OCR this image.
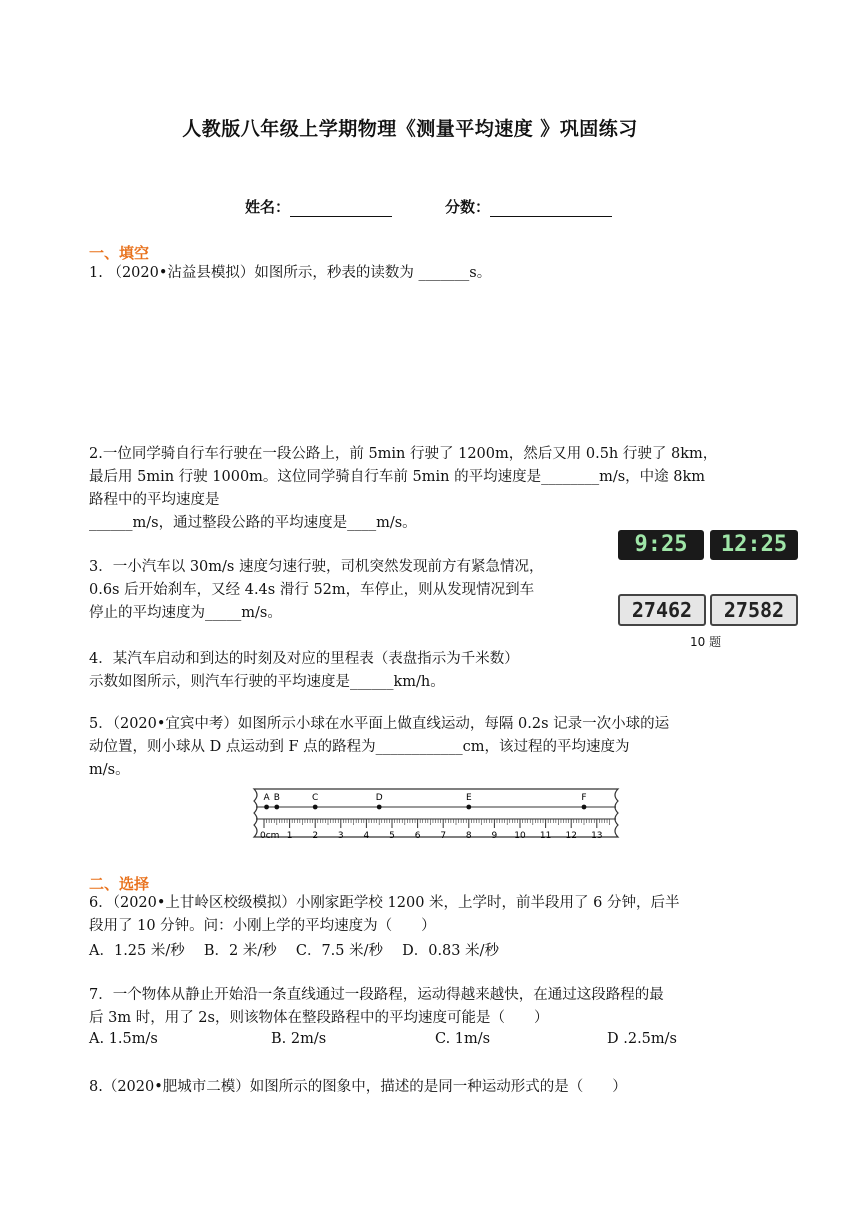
人教版八年级上学期物理《测量平均速度 》巩固练习
姓名：	分数：
一、填空
1. （2020•沾益县模拟）如图所示，秒表的读数为 _______s。
2.一位同学骑自行车行驶在一段公路上，前 5min 行驶了 1200m，然后又用 0.5h 行驶了 8km，
最后用 5min 行驶 1000m。这位同学骑自行车前 5min 的平均速度是________m/s，中途 8km
路程中的平均速度是
______m/s，通过整段公路的平均速度是____m/s。
3．一小汽车以 30m/s 速度匀速行驶，司机突然发现前方有紧急情况，
0.6s 后开始刹车，又经 4.4s 滑行 52m，车停止，则从发现情况到车
停止的平均速度为_____m/s。
4．某汽车启动和到达的时刻及对应的里程表（表盘指示为千米数）
示数如图所示，则汽车行驶的平均速度是______km/h。
9:25	12:25
27462	27582
10 题
5．（2020•宜宾中考）如图所示小球在水平面上做直线运动，每隔 0.2s 记录一次小球的运
动位置，则小球从 D 点运动到 F 点的路程为____________cm，该过程的平均速度为
m/s。
0cm 1 2 3 4 5 6 7 8 9 10 11 12 13
A B	C	D	E	F
二、选择
6．（2020•上甘岭区校级模拟）小刚家距学校 1200 米，上学时，前半段用了 6 分钟，后半
段用了 10 分钟。问：小刚上学的平均速度为（　　）
A．1.25 米/秒　 B．2 米/秒　 C．7.5 米/秒　 D．0.83 米/秒
7．一个物体从静止开始沿一条直线通过一段路程，运动得越来越快，在通过这段路程的最
后 3m 时，用了 2s，则该物体在整段路程中的平均速度可能是（　　）
A. 1.5m/s	B. 2m/s	C. 1m/s	D .2.5m/s
8.（2020•肥城市二模）如图所示的图象中，描述的是同一种运动形式的是（　　）
